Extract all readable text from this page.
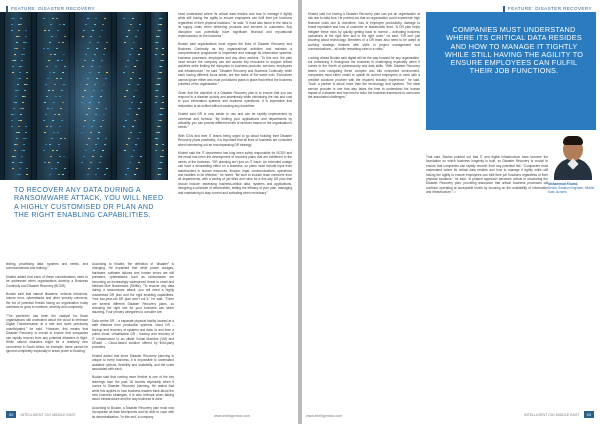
FEATURE: DISASTER RECOVERY
TO RECOVER ANY DATA DURING A RANSOMWARE ATTACK, YOU WILL NEED A HIGHLY CUSTOMISED DR PLAN AND THE RIGHT ENABLING CAPABILITIES.

testing, prioritising data, systems and needs, and communications and training.”

Khaled added that each of these considerations need to be addressed when organisations develop a Business Continuity and Disaster Recovery (BCDR).

Boulan said that natural disasters, network intrusions, human error, cyberattacks and other security concerns, the list of potential threats facing an organisation today continues to grow in numbers, severity and complexity.

“The pandemic has been the catalyst for those organisations still undecided about the cloud to embrace Digital Transformation at a rate and scale previously unanticipated,” he said. “However, this means that Disaster Recovery is crucial to ensure that companies can rapidly recover from any potential disasters in flight. While natural disasters might be a relatively rare occurrence in South Africa, for example, these cannot be ignored completely especially in areas prone to flooding.”

According to Khaled, the definition of “disaster” is changing. He explained that while power outages, hardware, software failures and human errors are still prevalent, cyberattacks such as ransomware are becoming an increasingly widespread threat to small and Medium-Size Businesses (SMBs). “To recover any data during a ransomware attack, you will need a highly customised DR plan and the right enabling capabilities. Your two-year-old DR plan won’t cut it,” he said. “There are several different Disaster Recovery plans, so choosing the right one for your business can seem daunting. Four primary categories to consider are:

Data centre DR – a separate physical facility located at a safe distance from production systems, cloud DR – backup and recovery of systems and data, to and from a public cloud, virtualisation DR – backup and recovery of IT infrastructure to an offsite Virtual Machine (VM) and DRaaS – Cloud-based solution offered by third-party providers.

Khaled added that since Disaster Recovery planning is unique to every business, it is impossible to understand available options, flexibility and scalability, and the costs associated with each.

Boulan said that coming more flexible is one of the key learnings from the past 18 months especially when it comes to Disaster Recovery planning. He added that while this applies to how business leaders think about the new business strategies, it is also relevant when talking about infrastructure and the way business is done.

According to Boulan, a Disaster Recovery plan must now incorporate all data touchpoints and be able to cope with its decentralisation. “In this end, a company

must understand where its critical data resides and how to manage it tightly while still having the agility to ensure employees can fulfil their job functions regardless of their physical locations,” he said. “It must also factor in the risks to its supply chain when delivering products and services to customers. Any disruption can potentially have significant financial and reputational repercussions on the business.”

Boulan said organisations must regard the likes of Disaster Recovery and Business Continuity as key organisational activities and maintain a comprehensive programme to implement and manage its information systems, business processes, employees and any other workers. “To this end, the plan must ensure the company can still access key resources to support critical activities while limiting the disruption to business products, services, employees and infrastructure,” he said. “Disaster Recovery and Business Continuity, while each having different focus areas, are two sides of the same coin. Executives cannot ignore either and must put tailored plans in place that reflect the business priorities of the organisation.”

Given that the objective of a Disaster Recovery plan is to ensure that you can respond to a disaster quickly and seamlessly while minimising the risk and cost to your information systems and business operations, it is imperative that restoration is as unified without causing any downtime.

Khaled said DR is now easier to use and can be rapidly implemented by overhead and formula. “By limiting your applications and departments by criticality, you can provide different levels of services based on the organisation’s needs.”

With CIOs and their IT teams being urged to go about building their Disaster Recovery plans practically, it is important that all lines of business are consulted when hammering out an encompassing DR strategy.

Khaled said the IT department has long been solely responsible for BCDR and the result has been the development of recovery plans that are indifferent to the needs of the business. “DR planning isn’t just an IT issue. An extended outage can have a devastating effect on a business, so plans must include input from stakeholders in human resources, finance, legal, communications, operations and facilities to be effective,” he noted. “Be sure to include team members from all departments, with a variety of job titles and roles for a five-day DR plan that should include: assessing business-critical data, systems and applications, designing a schedule of deliverables, setting the efficacy of your plan, managing and maintaining to stay current and activating when necessary.”

52 INTELLIGENT CIO MIDDLE EAST	www.intelligentcio.com
FEATURE: DISASTER RECOVERY

Khaled said not having a Disaster Recovery plan can put an organisation at risk due to data loss. He pointed out that an organisation could experience high financial costs due to downtime, loss of employee productivity, damage to brand reputation and loss of customer or stakeholder trust. “A DR plan helps mitigate these risks by quickly getting back to normal – activating business operations at the right time and in the right order,” he said. “DR isn’t just knowing about technology. Members of a DR team also need to be adept at working strategic thinkers with skills in project management and communications – all while remaining calm in a crisis.”

Looking ahead Boulan said digital will be the way forward for any organisation, but embracing it throughout the business is challenging especially when it comes to the Seeth of cybersecurity and data skills. “With Disaster Recovery teams now navigating these complex and hits connected environment, companies must either reskill or upskill its current employees or work with a credible solutions provider with the required industry experience,” he said. “Such a partner is about more than the technology and systems. The ideal service provider is one that also takes the time to understand the human impact of a disaster and how best to tailor the business framework to overcome the associated challenges.”

COMPANIES MUST UNDERSTAND WHERE ITS CRITICAL DATA RESIDES AND HOW TO MANAGE IT TIGHTLY WHILE STILL HAVING THE AGILITY TO ENSURE EMPLOYEES CAN FULFIL THEIR JOB FUNCTIONS.
Mohammad Khaled,
Senior Solution Engineer, Middle East, Acronis

That said, Boulan pointed out that IT and digital infrastructure have become the foundation on which business longevity is built, so Disaster Recovery is crucial to ensure that companies can rapidly recover from any potential risk. “Companies must understand where its critical data resides and how to manage it tightly while still having the agility to ensure employees can fulfil their job functions regardless of their physical locations,” he said. “A phased approach becomes critical in structuring the Disaster Recovery plan, providing assurance that critical business processes will continue operating at acceptable levels by focusing on the availability of information and infrastructure.” □

www.intelligentcio.com	INTELLIGENT CIO MIDDLE EAST 53
